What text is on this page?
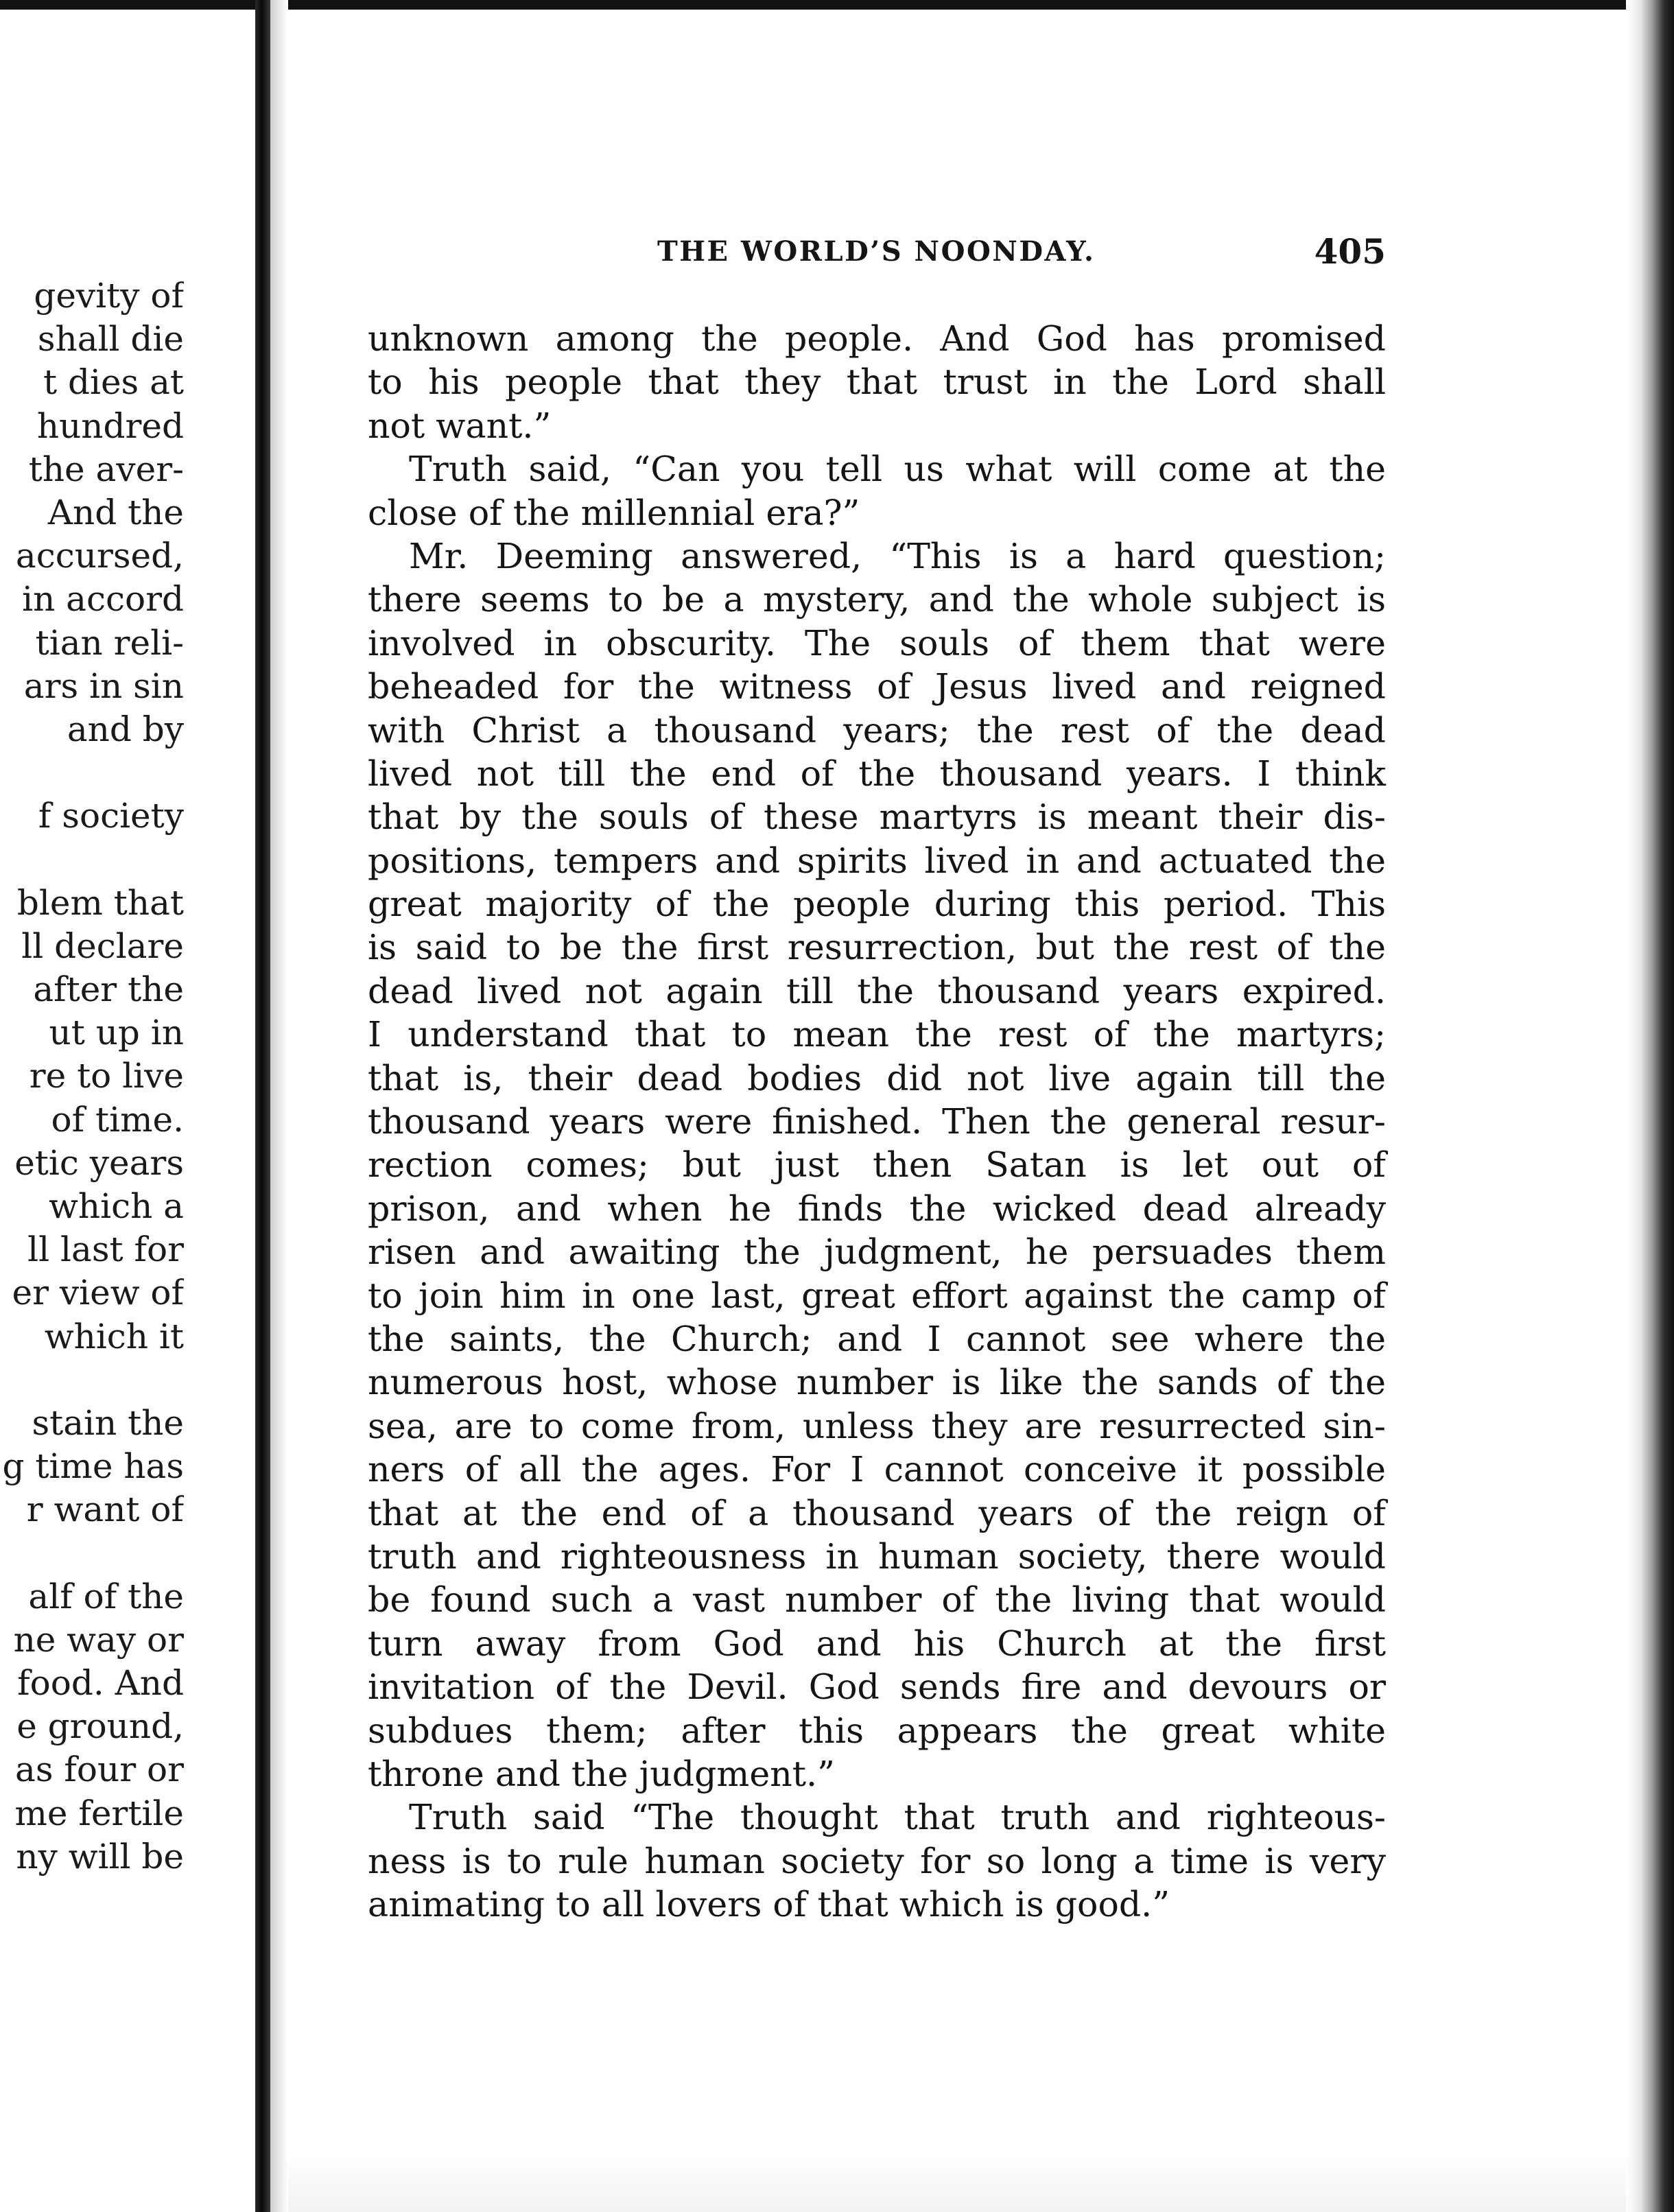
gevity of
shall die
t dies at
hundred
the aver-
And the
accursed,
in accord
tian reli-
ars in sin
and by
f society
blem that
ll declare
after the
ut up in
re to live
of time.
etic years
which a
ll last for
er view of
which it
stain the
g time has
r want of
alf of the
ne way or
food. And
e ground,
as four or
me fertile
ny will be
THE WORLD’S NOONDAY.	405
unknown among the people. And God has promised
to his people that they that trust in the Lord shall
not want.”
Truth said, “Can you tell us what will come at the
close of the millennial era?”
Mr. Deeming answered, “This is a hard question;
there seems to be a mystery, and the whole subject is
involved in obscurity. The souls of them that were
beheaded for the witness of Jesus lived and reigned
with Christ a thousand years; the rest of the dead
lived not till the end of the thousand years. I think
that by the souls of these martyrs is meant their dis-
positions, tempers and spirits lived in and actuated the
great majority of the people during this period. This
is said to be the first resurrection, but the rest of the
dead lived not again till the thousand years expired.
I understand that to mean the rest of the martyrs;
that is, their dead bodies did not live again till the
thousand years were finished. Then the general resur-
rection comes; but just then Satan is let out of
prison, and when he finds the wicked dead already
risen and awaiting the judgment, he persuades them
to join him in one last, great effort against the camp of
the saints, the Church; and I cannot see where the
numerous host, whose number is like the sands of the
sea, are to come from, unless they are resurrected sin-
ners of all the ages. For I cannot conceive it possible
that at the end of a thousand years of the reign of
truth and righteousness in human society, there would
be found such a vast number of the living that would
turn away from God and his Church at the first
invitation of the Devil. God sends fire and devours or
subdues them; after this appears the great white
throne and the judgment.”
Truth said “The thought that truth and righteous-
ness is to rule human society for so long a time is very
animating to all lovers of that which is good.”
